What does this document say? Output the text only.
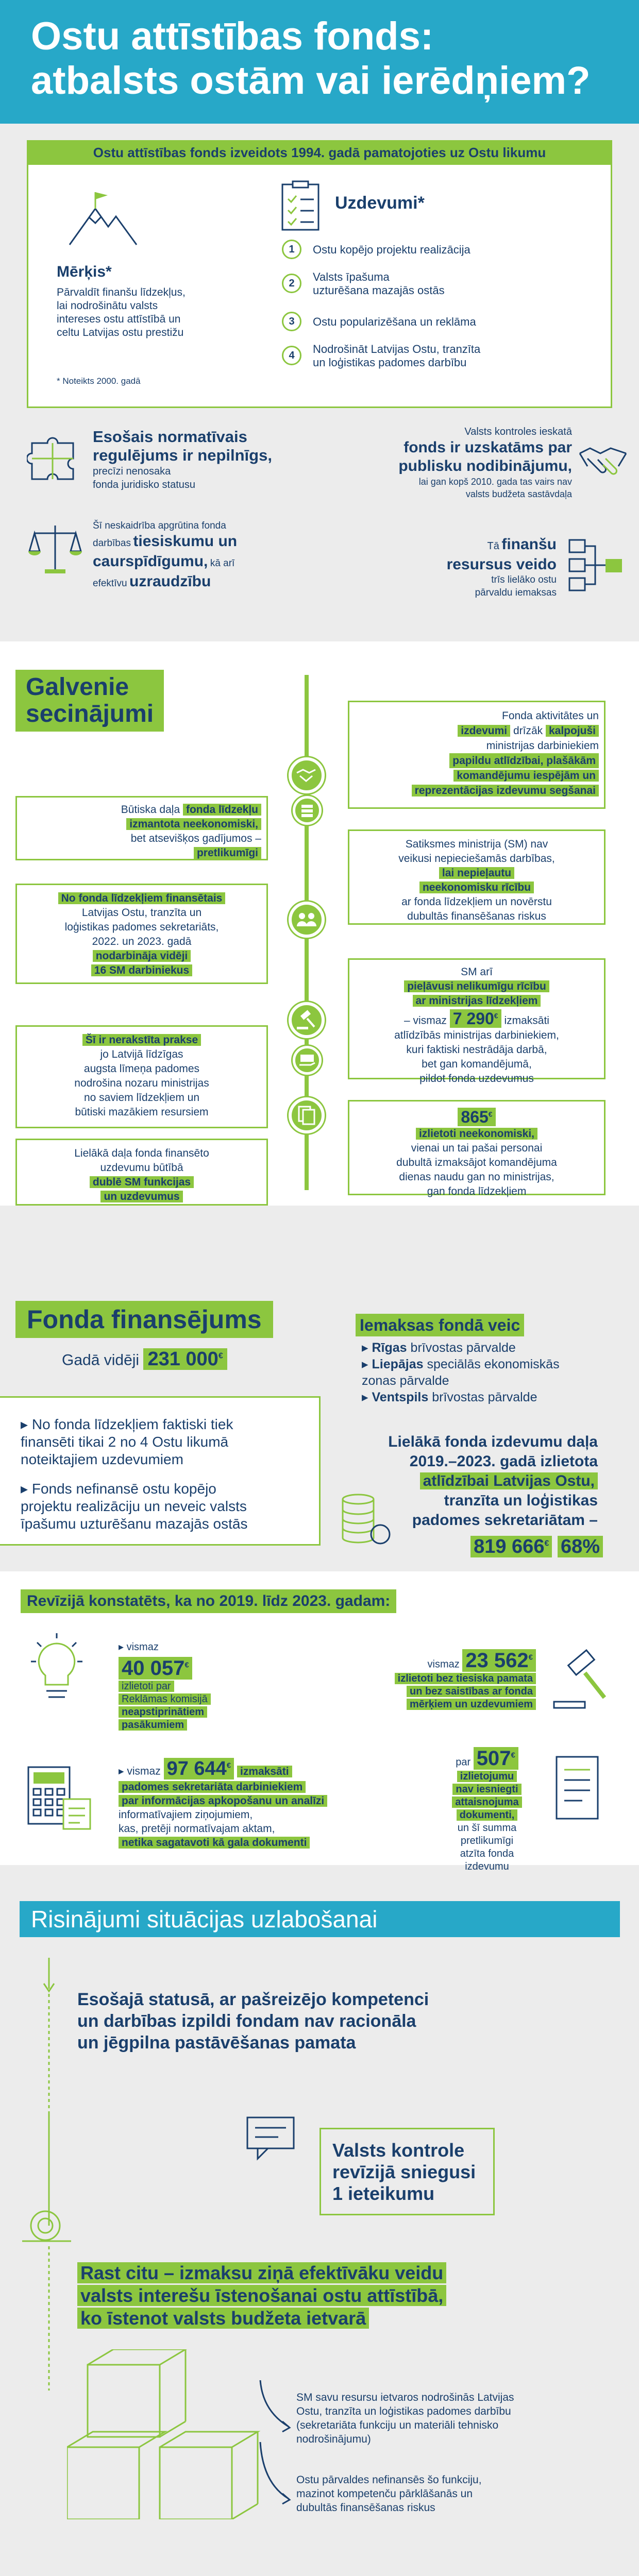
Ostu attīstības fonds:
atbalsts ostām vai ierēdņiem?
Ostu attīstības fonds izveidots 1994. gadā pamatojoties uz Ostu likumu
Mērķis*
Pārvaldīt finanšu līdzekļus,
lai nodrošinātu valsts
intereses ostu attīstībā un
celtu Latvijas ostu prestižu
* Noteikts 2000. gadā
Uzdevumi*
1	Ostu kopējo projektu realizācija
2	Valsts īpašuma
uzturēšana mazajās ostās
3	Ostu popularizēšana un reklāma
4	Nodrošināt Latvijas Ostu, tranzīta
un loģistikas padomes darbību
Esošais normatīvais
regulējums ir nepilnīgs,
precīzi nenosaka
fonda juridisko statusu
Valsts kontroles ieskatā
fonds ir uzskatāms par
publisku nodibinājumu,
lai gan kopš 2010. gada tas vairs nav
valsts budžeta sastāvdaļa
Šī neskaidrība apgrūtina fonda
darbības tiesiskumu un
caurspīdīgumu, kā arī
efektīvu uzraudzību
Tā finanšu
resursus veido
trīs lielāko ostu
pārvaldu iemaksas
Galvenie
secinājumi	Fonda aktivitātes un
izdevumi drīzāk kalpojuši
ministrijas darbiniekiem
papildu atlīdzībai, plašākām
komandējumu iespējām un
reprezentācijas izdevumu segšanai
Būtiska daļa fonda līdzekļu
izmantota neekonomiski,
bet atsevišķos gadījumos –
pretlikumīgi
Satiksmes ministrija (SM) nav
veikusi nepieciešamās darbības,
lai nepieļautu
neekonomisku rīcību
ar fonda līdzekļiem un novērstu
dubultās finansēšanas riskus
No fonda līdzekļiem finansētais
Latvijas Ostu, tranzīta un
loģistikas padomes sekretariāts,
2022. un 2023. gadā
nodarbināja vidēji
16 SM darbiniekus	SM arī
pieļāvusi nelikumīgu rīcību
ar ministrijas līdzekļiem
– vismaz 7 290€ izmaksāti
atlīdzībās ministrijas darbiniekiem,
kuri faktiski nestrādāja darbā,
bet gan komandējumā,
pildot fonda uzdevumus
Šī ir nerakstīta prakse
jo Latvijā līdzīgas
augsta līmeņa padomes
nodrošina nozaru ministrijas
no saviem līdzekļiem un
būtiski mazākiem resursiem	865€
izlietoti neekonomiski,
vienai un tai pašai personai
dubultā izmaksājot komandējuma
dienas naudu gan no ministrijas,
gan fonda līdzekļiem
Lielākā daļa fonda finansēto
uzdevumu būtībā
dublē SM funkcijas
un uzdevumus
Fonda finansējums
Gadā vidēji 231 000€
▸ No fonda līdzekļiem faktiski tiek
finansēti tikai 2 no 4 Ostu likumā
noteiktajiem uzdevumiem
▸ Fonds nefinansē ostu kopējo
projektu realizāciju un neveic valsts
īpašumu uzturēšanu mazajās ostās
Iemaksas fondā veic
▸ Rīgas brīvostas pārvalde
▸ Liepājas speciālās ekonomiskās zonas pārvalde
▸ Ventspils brīvostas pārvalde
Lielākā fonda izdevumu daļa
2019.–2023. gadā izlietota
atlīdzībai Latvijas Ostu,
tranzīta un loģistikas
padomes sekretariātam –
819 666€ 68%
Revīzijā konstatēts, ka no 2019. līdz 2023. gadam:
▸ vismaz
40 057€
izlietoti par
Reklāmas komisijā
neapstiprinātiem
pasākumiem
vismaz 23 562€
izlietoti bez tiesiska pamata
un bez saistības ar fonda
mērķiem un uzdevumiem
▸ vismaz 97 644€ izmaksāti
padomes sekretariāta darbiniekiem
par informācijas apkopošanu un analīzi
informatīvajiem ziņojumiem,
kas, pretēji normatīvajam aktam,
netika sagatavoti kā gala dokumenti
par 507€
izlietojumu
nav iesniegti
attaisnojuma
dokumenti,
un šī summa
pretlikumīgi
atzīta fonda
izdevumu
Risinājumi situācijas uzlabošanai
Esošajā statusā, ar pašreizējo kompetenci
un darbības izpildi fondam nav racionāla
un jēgpilna pastāvēšanas pamata
Valsts kontrole
revīzijā sniegusi
1 ieteikumu
Rast citu – izmaksu ziņā efektīvāku veidu
valsts interešu īstenošanai ostu attīstībā,
ko īstenot valsts budžeta ietvarā
SM savu resursu ietvaros nodrošinās Latvijas
Ostu, tranzīta un loģistikas padomes darbību
(sekretariāta funkciju un materiāli tehnisko
nodrošinājumu)
Ostu pārvaldes nefinansēs šo funkciju,
mazinot kompetenču pārklāšanās un
dubultās finansēšanas riskus
